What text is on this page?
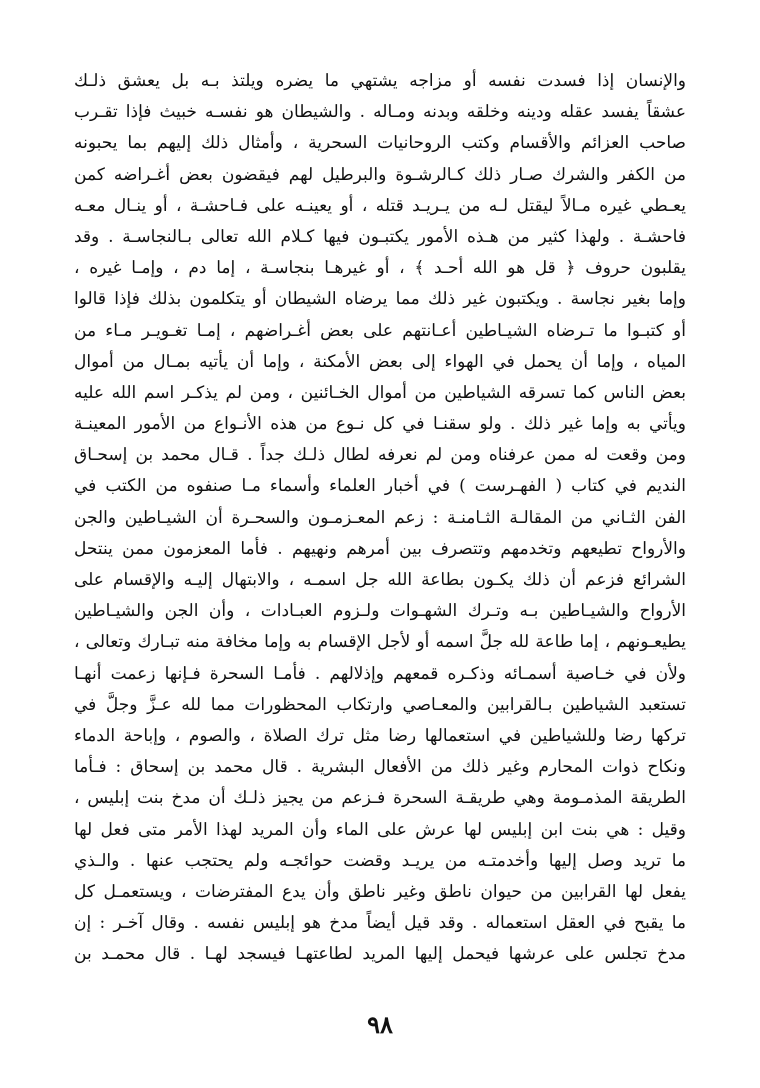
والإنسان إذا فسدت نفسه أو مزاجه يشتهي ما يضره ويلتذ بـه بل يعشق ذلـك
عشقاً يفسد عقله ودينه وخلقه وبدنه ومـاله . والشيطان هو نفسـه خبيث فإذا تقـرب
صاحب العزائم والأقسام وكتب الروحانيات السحرية ، وأمثال ذلك إليهم بما يحبونه
من الكفر والشرك صـار ذلك كـالرشـوة والبرطيل لهم فيقضون بعض أغـراضه كمن
يعـطي غيره مـالاً ليقتل لـه من يـريـد قتله ، أو يعينـه على فـاحشـة ، أو ينـال معـه
فاحشـة . ولهذا كثير من هـذه الأمور يكتبـون فيها كـلام الله تعالى بـالنجاسـة . وقد
يقلبون حروف ﴿ قل هو الله أحـد ﴾ ، أو غيرهـا بنجاسـة ، إما دم ، وإمـا غيره ،
وإما بغير نجاسة . ويكتبون غير ذلك مما يرضاه الشيطان أو يتكلمون بذلك فإذا قالوا
أو كتبـوا ما تـرضاه الشيـاطين أعـانتهم على بعض أغـراضهم ، إمـا تغـويـر مـاء من
المياه ، وإما أن يحمل في الهواء إلى بعض الأمكنة ، وإما أن يأتيه بمـال من أموال
بعض الناس كما تسرقه الشياطين من أموال الخـائنين ، ومن لم يذكـر اسم الله عليه
ويأتي به وإما غير ذلك . ولو سقنـا في كل نـوع من هذه الأنـواع من الأمور المعينـة
ومن وقعت له ممن عرفناه ومن لم نعرفه لطال ذلـك جداً . قـال محمد بن إسحـاق
النديم في كتاب ( الفهـرست ) في أخبار العلماء وأسماء مـا صنفوه من الكتب في
الفن الثـاني من المقالـة الثـامنـة : زعم المعـزمـون والسحـرة أن الشيـاطين والجن
والأرواح تطيعهم وتخدمهم وتتصرف بين أمرهم ونهيهم . فأما المعزمون ممن ينتحل
الشرائع فزعم أن ذلك يكـون بطاعة الله جل اسمـه ، والابتهال إليـه والإقسام على
الأرواح والشيـاطين بـه وتـرك الشهـوات ولـزوم العبـادات ، وأن الجن والشيـاطين
يطيعـونهم ، إما طاعة لله جلَّ اسمه أو لأجل الإقسام به وإما مخافة منه تبـارك وتعالى ،
ولأن في خـاصية أسمـائه وذكـره قمعهم وإذلالهم . فأمـا السحرة فـإنها زعمت أنهـا
تستعبد الشياطين بـالقرابين والمعـاصي وارتكاب المحظورات مما لله عـزَّ وجلَّ في
تركها رضا وللشياطين في استعمالها رضا مثل ترك الصلاة ، والصوم ، وإباحة الدماء
ونكاح ذوات المحارم وغير ذلك من الأفعال البشرية . قال محمد بن إسحاق : فـأما
الطريقة المذمـومة وهي طريقـة السحرة فـزعم من يجيز ذلـك أن مدخ بنت إبليس ،
وقيل : هي بنت ابن إبليس لها عرش على الماء وأن المريد لهذا الأمر متى فعل لها
ما تريد وصل إليها وأخدمتـه من يريـد وقضت حوائجـه ولم يحتجب عنها . والـذي
يفعل لها القرابين من حيوان ناطق وغير ناطق وأن يدع المفترضات ، ويستعمـل كل
ما يقبح في العقل استعماله . وقد قيل أيضاً مدخ هو إبليس نفسه . وقال آخـر : إن
مدخ تجلس على عرشها فيحمل إليها المريد لطاعتهـا فيسجد لهـا . قال محمـد بن
٩٨
